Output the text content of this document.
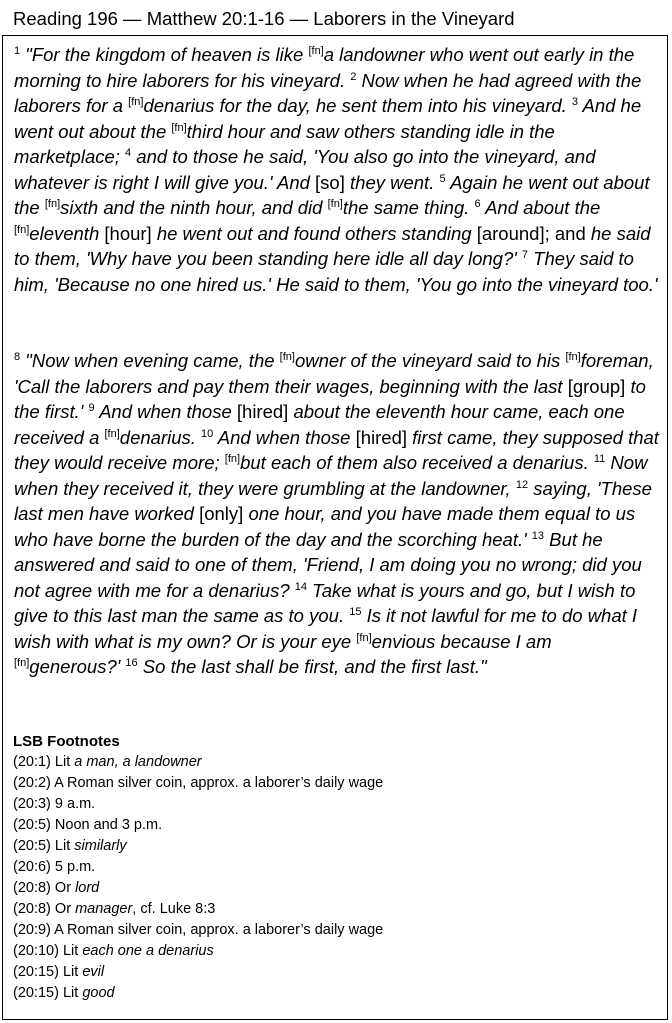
Reading 196 — Matthew 20:1-16 — Laborers in the Vineyard
$^1$ "For the kingdom of heaven is like [fn]a landowner who went out early in the morning to hire laborers for his vineyard. $^2$ Now when he had agreed with the laborers for a [fn]denarius for the day, he sent them into his vineyard. $^3$ And he went out about the [fn]third hour and saw others standing idle in the marketplace; $^4$ and to those he said, 'You also go into the vineyard, and whatever is right I will give you.' And [so] they went. $^5$ Again he went out about the [fn]sixth and the ninth hour, and did [fn]the same thing. $^6$ And about the [fn]eleventh [hour] he went out and found others standing [around]; and he said to them, 'Why have you been standing here idle all day long?' $^7$ They said to him, 'Because no one hired us.' He said to them, 'You go into the vineyard too.'
$^8$ "Now when evening came, the [fn]owner of the vineyard said to his [fn]foreman, 'Call the laborers and pay them their wages, beginning with the last [group] to the first.' $^9$ And when those [hired] about the eleventh hour came, each one received a [fn]denarius. $^{10}$ And when those [hired] first came, they supposed that they would receive more; [fn]but each of them also received a denarius. $^{11}$ Now when they received it, they were grumbling at the landowner, $^{12}$ saying, 'These last men have worked [only] one hour, and you have made them equal to us who have borne the burden of the day and the scorching heat.' $^{13}$ But he answered and said to one of them, 'Friend, I am doing you no wrong; did you not agree with me for a denarius? $^{14}$ Take what is yours and go, but I wish to give to this last man the same as to you. $^{15}$ Is it not lawful for me to do what I wish with what is my own? Or is your eye [fn]envious because I am [fn]generous?' $^{16}$ So the last shall be first, and the first last."
LSB Footnotes
(20:1) Lit a man, a landowner
(20:2) A Roman silver coin, approx. a laborer’s daily wage
(20:3) 9 a.m.
(20:5) Noon and 3 p.m.
(20:5) Lit similarly
(20:6) 5 p.m.
(20:8) Or lord
(20:8) Or manager, cf. Luke 8:3
(20:9) A Roman silver coin, approx. a laborer’s daily wage
(20:10) Lit each one a denarius
(20:15) Lit evil
(20:15) Lit good
